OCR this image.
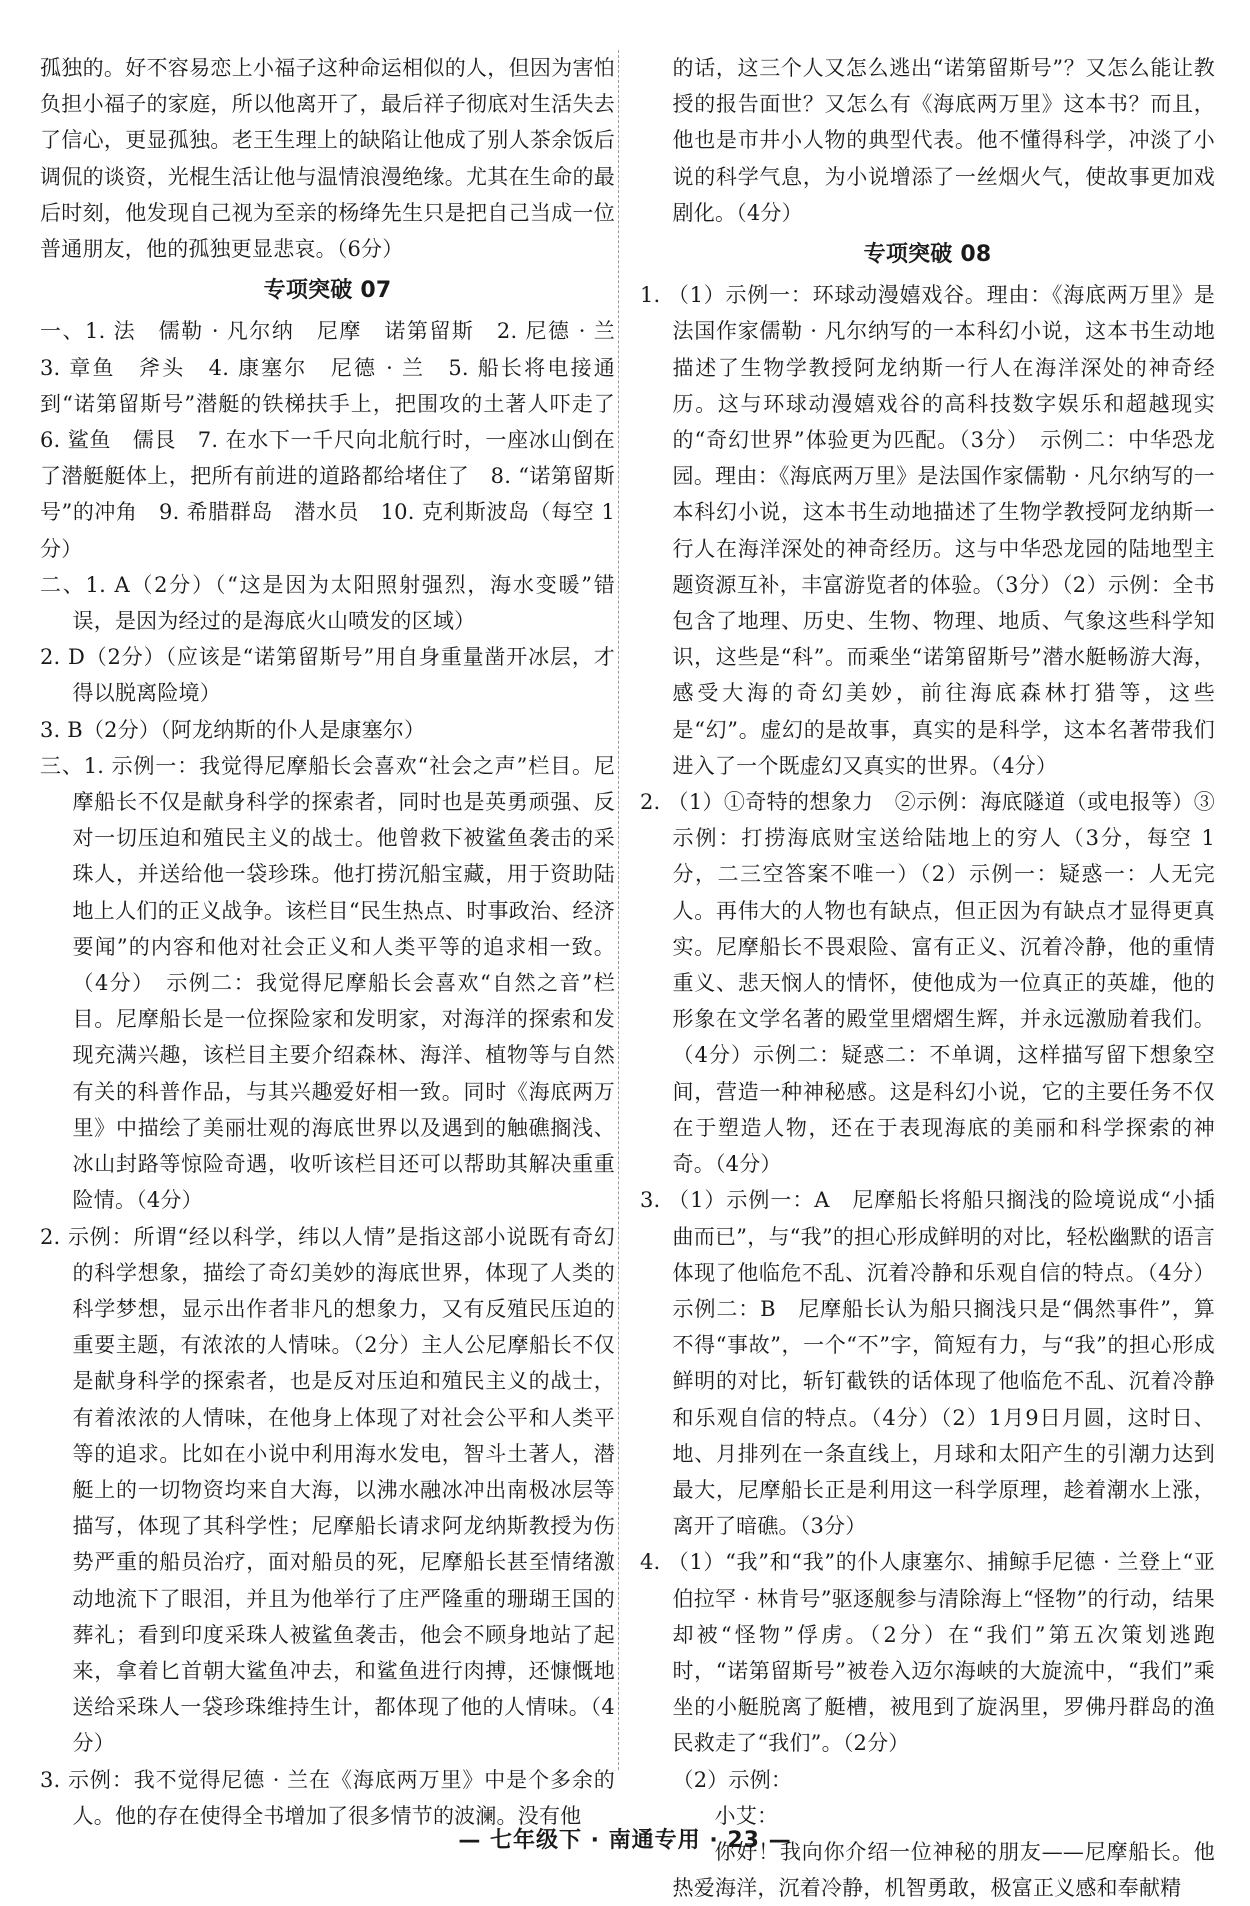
孤独的。好不容易恋上小福子这种命运相似的人，但因为害怕负担小福子的家庭，所以他离开了，最后祥子彻底对生活失去了信心，更显孤独。老王生理上的缺陷让他成了别人茶余饭后调侃的谈资，光棍生活让他与温情浪漫绝缘。尤其在生命的最后时刻，他发现自己视为至亲的杨绛先生只是把自己当成一位普通朋友，他的孤独更显悲哀。（6分）

专项突破 07

一、1. 法　儒勒 · 凡尔纳　尼摩　诺第留斯　2. 尼德 · 兰　3. 章鱼　斧头　4. 康塞尔　尼德 · 兰　5. 船长将电接通到“诺第留斯号”潜艇的铁梯扶手上，把围攻的土著人吓走了　6. 鲨鱼　儒艮　7. 在水下一千尺向北航行时，一座冰山倒在了潜艇艇体上，把所有前进的道路都给堵住了　8. “诺第留斯号”的冲角　9. 希腊群岛　潜水员　10. 克利斯波岛（每空 1 分）

二、1. A（2分）（“这是因为太阳照射强烈，海水变暖”错误，是因为经过的是海底火山喷发的区域）

2. D（2分）（应该是“诺第留斯号”用自身重量凿开冰层，才得以脱离险境）

3. B（2分）（阿龙纳斯的仆人是康塞尔）

三、1. 示例一：我觉得尼摩船长会喜欢“社会之声”栏目。尼摩船长不仅是献身科学的探索者，同时也是英勇顽强、反对一切压迫和殖民主义的战士。他曾救下被鲨鱼袭击的采珠人，并送给他一袋珍珠。他打捞沉船宝藏，用于资助陆地上人们的正义战争。该栏目“民生热点、时事政治、经济要闻”的内容和他对社会正义和人类平等的追求相一致。（4分）　示例二：我觉得尼摩船长会喜欢“自然之音”栏目。尼摩船长是一位探险家和发明家，对海洋的探索和发现充满兴趣，该栏目主要介绍森林、海洋、植物等与自然有关的科普作品，与其兴趣爱好相一致。同时《海底两万里》中描绘了美丽壮观的海底世界以及遇到的触礁搁浅、冰山封路等惊险奇遇，收听该栏目还可以帮助其解决重重险情。（4分）

2. 示例：所谓“经以科学，纬以人情”是指这部小说既有奇幻的科学想象，描绘了奇幻美妙的海底世界，体现了人类的科学梦想，显示出作者非凡的想象力，又有反殖民压迫的重要主题，有浓浓的人情味。（2分）主人公尼摩船长不仅是献身科学的探索者，也是反对压迫和殖民主义的战士，有着浓浓的人情味，在他身上体现了对社会公平和人类平等的追求。比如在小说中利用海水发电，智斗土著人，潜艇上的一切物资均来自大海，以沸水融冰冲出南极冰层等描写，体现了其科学性；尼摩船长请求阿龙纳斯教授为伤势严重的船员治疗，面对船员的死，尼摩船长甚至情绪激动地流下了眼泪，并且为他举行了庄严隆重的珊瑚王国的葬礼；看到印度采珠人被鲨鱼袭击，他会不顾身地站了起来，拿着匕首朝大鲨鱼冲去，和鲨鱼进行肉搏，还慷慨地送给采珠人一袋珍珠维持生计，都体现了他的人情味。（4分）

3. 示例：我不觉得尼德 · 兰在《海底两万里》中是个多余的人。他的存在使得全书增加了很多情节的波澜。没有他

的话，这三个人又怎么逃出“诺第留斯号”？又怎么能让教授的报告面世？又怎么有《海底两万里》这本书？而且，他也是市井小人物的典型代表。他不懂得科学，冲淡了小说的科学气息，为小说增添了一丝烟火气，使故事更加戏剧化。（4分）

专项突破 08

1. （1）示例一：环球动漫嬉戏谷。理由：《海底两万里》是法国作家儒勒 · 凡尔纳写的一本科幻小说，这本书生动地描述了生物学教授阿龙纳斯一行人在海洋深处的神奇经历。这与环球动漫嬉戏谷的高科技数字娱乐和超越现实的“奇幻世界”体验更为匹配。（3分）　示例二：中华恐龙园。理由：《海底两万里》是法国作家儒勒 · 凡尔纳写的一本科幻小说，这本书生动地描述了生物学教授阿龙纳斯一行人在海洋深处的神奇经历。这与中华恐龙园的陆地型主题资源互补，丰富游览者的体验。（3分）（2）示例：全书包含了地理、历史、生物、物理、地质、气象这些科学知识，这些是“科”。而乘坐“诺第留斯号”潜水艇畅游大海，感受大海的奇幻美妙，前往海底森林打猎等，这些是“幻”。虚幻的是故事，真实的是科学，这本名著带我们进入了一个既虚幻又真实的世界。（4分）

2. （1）①奇特的想象力　②示例：海底隧道（或电报等）③示例：打捞海底财宝送给陆地上的穷人（3分，每空 1 分，二三空答案不唯一）（2）示例一：疑惑一：人无完人。再伟大的人物也有缺点，但正因为有缺点才显得更真实。尼摩船长不畏艰险、富有正义、沉着冷静，他的重情重义、悲天悯人的情怀，使他成为一位真正的英雄，他的形象在文学名著的殿堂里熠熠生辉，并永远激励着我们。（4分）示例二：疑惑二：不单调，这样描写留下想象空间，营造一种神秘感。这是科幻小说，它的主要任务不仅在于塑造人物，还在于表现海底的美丽和科学探索的神奇。（4分）

3. （1）示例一：A　尼摩船长将船只搁浅的险境说成“小插曲而已”，与“我”的担心形成鲜明的对比，轻松幽默的语言体现了他临危不乱、沉着冷静和乐观自信的特点。（4分）示例二：B　尼摩船长认为船只搁浅只是“偶然事件”，算不得“事故”，一个“不”字，简短有力，与“我”的担心形成鲜明的对比，斩钉截铁的话体现了他临危不乱、沉着冷静和乐观自信的特点。（4分）（2）1月9日月圆，这时日、地、月排列在一条直线上，月球和太阳产生的引潮力达到最大，尼摩船长正是利用这一科学原理，趁着潮水上涨，离开了暗礁。（3分）

4. （1）“我”和“我”的仆人康塞尔、捕鲸手尼德 · 兰登上“亚伯拉罕 · 林肯号”驱逐舰参与清除海上“怪物”的行动，结果却被“怪物”俘虏。（2分）在“我们”第五次策划逃跑时，“诺第留斯号”被卷入迈尔海峡的大旋流中，“我们”乘坐的小艇脱离了艇槽，被甩到了旋涡里，罗佛丹群岛的渔民救走了“我们”。（2分）

（2）示例：

小艾：

你好！我向你介绍一位神秘的朋友——尼摩船长。他热爱海洋，沉着冷静，机智勇敢，极富正义感和奉献精

— 七年级下 · 南通专用 · 23 —
